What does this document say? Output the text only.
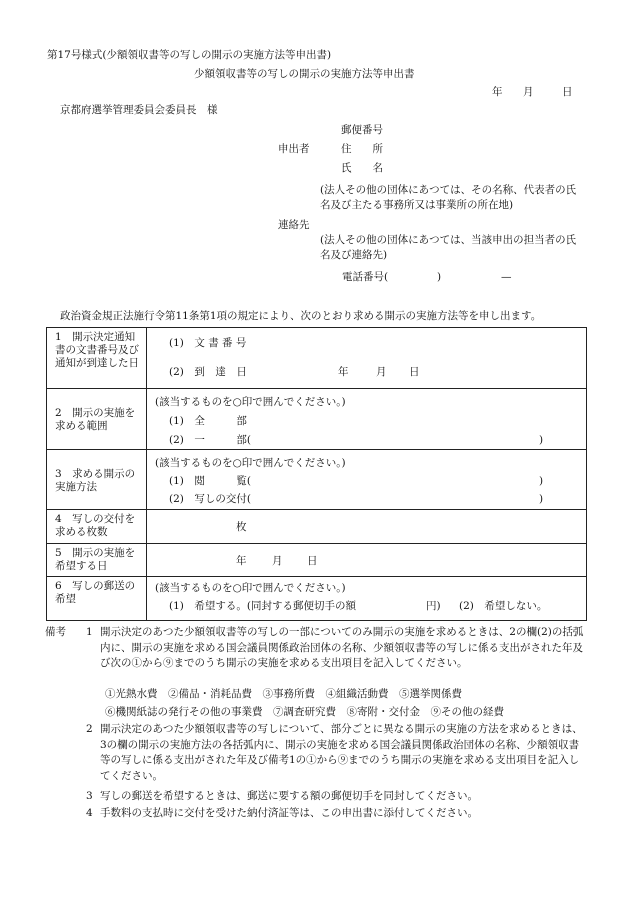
第17号様式(少額領収書等の写しの開示の実施方法等申出書)
少額領収書等の写しの開示の実施方法等申出書
年 月	日
京都府選挙管理委員会委員長　様
郵便番号
申出者	住　　所
氏　　名
(法人その他の団体にあつては、その名称、代表者の氏名及び主たる事務所又は事業所の所在地)
連絡先
(法人その他の団体にあつては、当該申出の担当者の氏名及び連絡先)
電話番号(	)	—
政治資金規正法施行令第11条第1項の規定により、次のとおり求める開示の実施方法等を申し出ます。
1　開示決定通知書の文書番号及び通知が到達した日	(1)　文 書 番 号
(2)　到　達　日 年 月 日

2　開示の実施を求める範囲	(該当するものを○印で囲んでください。)
(1)　全　　　部
(2)　一　　　部( )

3　求める開示の実施方法	(該当するものを○印で囲んでください。)
(1)　閲　　　覧( )
(2)　写しの交付( )

4　写しの交付を求める枚数	枚

5　開示の実施を希望する日	年 月 日

6　写しの郵送の希望	(該当するものを○印で囲んでください。)
(1)　希望する。(同封する郵便切手の額 円) (2)　希望しない。
備考 1 開示決定のあつた少額領収書等の写しの一部についてのみ開示の実施を求めるときは、2の欄(2)の括弧内に、開示の実施を求める国会議員関係政治団体の名称、少額領収書等の写しに係る支出がされた年及び次の①から⑨までのうち開示の実施を求める支出項目を記入してください。
①光熱水費　②備品・消耗品費　③事務所費　④組織活動費　⑤選挙関係費
⑥機関紙誌の発行その他の事業費　⑦調査研究費　⑧寄附・交付金　⑨その他の経費
2 開示決定のあつた少額領収書等の写しについて、部分ごとに異なる開示の実施の方法を求めるときは、3の欄の開示の実施方法の各括弧内に、開示の実施を求める国会議員関係政治団体の名称、少額領収書等の写しに係る支出がされた年及び備考1の①から⑨までのうち開示の実施を求める支出項目を記入してください。
3 写しの郵送を希望するときは、郵送に要する額の郵便切手を同封してください。
4 手数料の支払時に交付を受けた納付済証等は、この申出書に添付してください。
